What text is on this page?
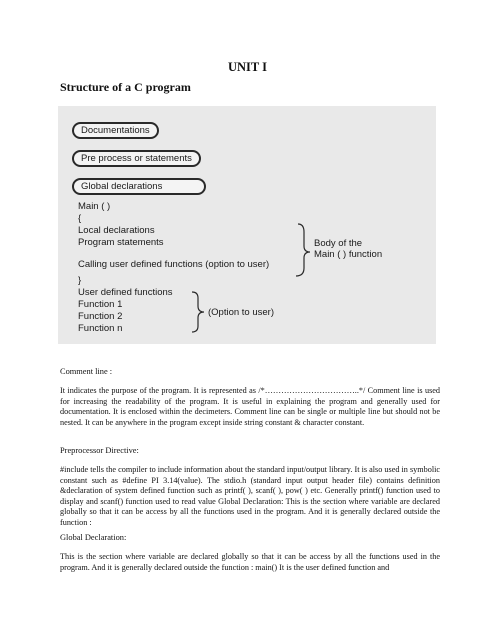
UNIT I
Structure of a C program
Documentations
Pre process or statements
Global declarations
Main ( )
{
Local declarations
Program statements
Calling user defined functions (option to user)
}
User defined functions
Function 1
Function 2
Function n
Body of the
Main ( ) function
(Option to user)
Comment line :
It indicates the purpose of the program. It is represented as /*……………………………..*/ Comment line is used for increasing the readability of the program. It is useful in explaining the program and generally used for documentation. It is enclosed within the decimeters. Comment line can be single or multiple line but should not be nested. It can be anywhere in the program except inside string constant & character constant.
Preprocessor Directive:
#include tells the compiler to include information about the standard input/output library. It is also used in symbolic constant such as #define PI 3.14(value). The stdio.h (standard input output header file) contains definition &declaration of system defined function such as printf( ), scanf( ), pow( ) etc. Generally printf() function used to display and scanf() function used to read value Global Declaration: This is the section where variable are declared globally so that it can be access by all the functions used in the program. And it is generally declared outside the function :
Global Declaration:
This is the section where variable are declared globally so that it can be access by all the functions used in the program. And it is generally declared outside the function : main() It is the user defined function and
